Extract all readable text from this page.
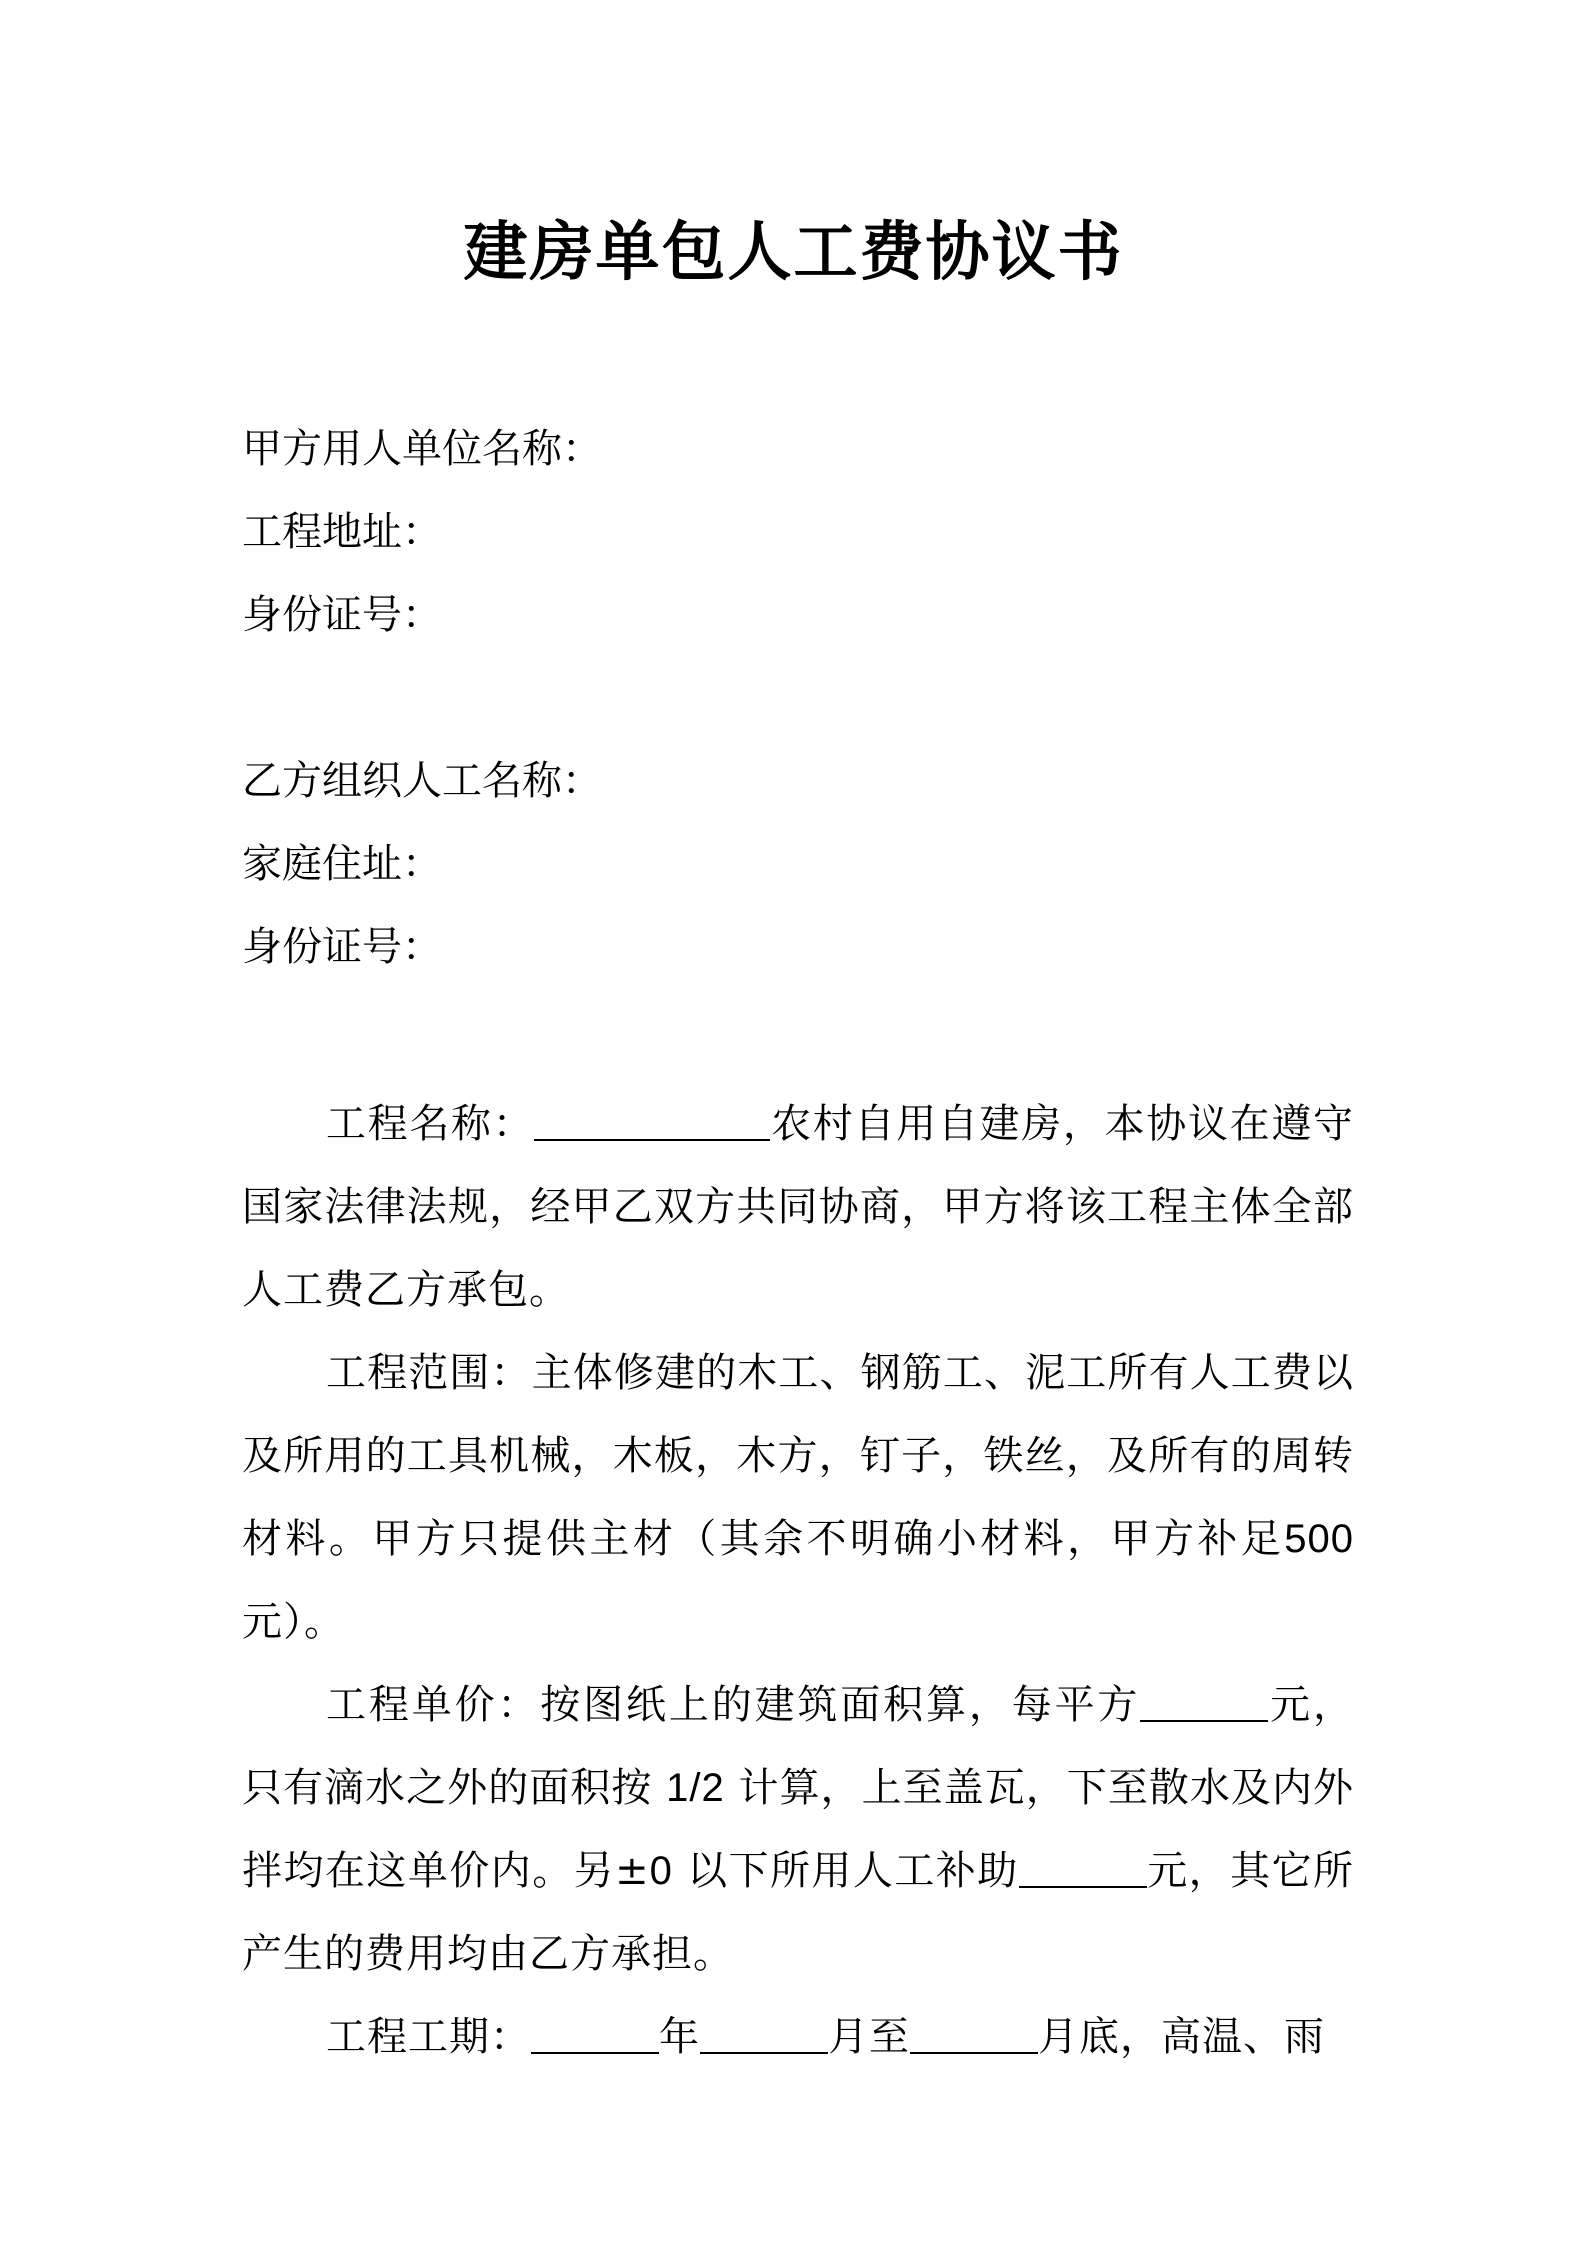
建房单包人工费协议书
甲方用人单位名称：
工程地址：
身份证号：
乙方组织人工名称：
家庭住址：
身份证号：

工程名称：	农村自用自建房，本协议在遵守国家法律法规，经甲乙双方共同协商，甲方将该工程主体全部人工费乙方承包。

工程范围：主体修建的木工、钢筋工、泥工所有人工费以及所用的工具机械，木板，木方，钉子，铁丝，及所有的周转材料。甲方只提供主材（其余不明确小材料，甲方补足500 元）。

工程单价：按图纸上的建筑面积算，每平方	元，只有滴水之外的面积按 1/2 计算，上至盖瓦，下至散水及内外拌均在这单价内。另±0 以下所用人工补助	元，其它所产生的费用均由乙方承担。

工程工期：	年	月至	月底，高温、雨
